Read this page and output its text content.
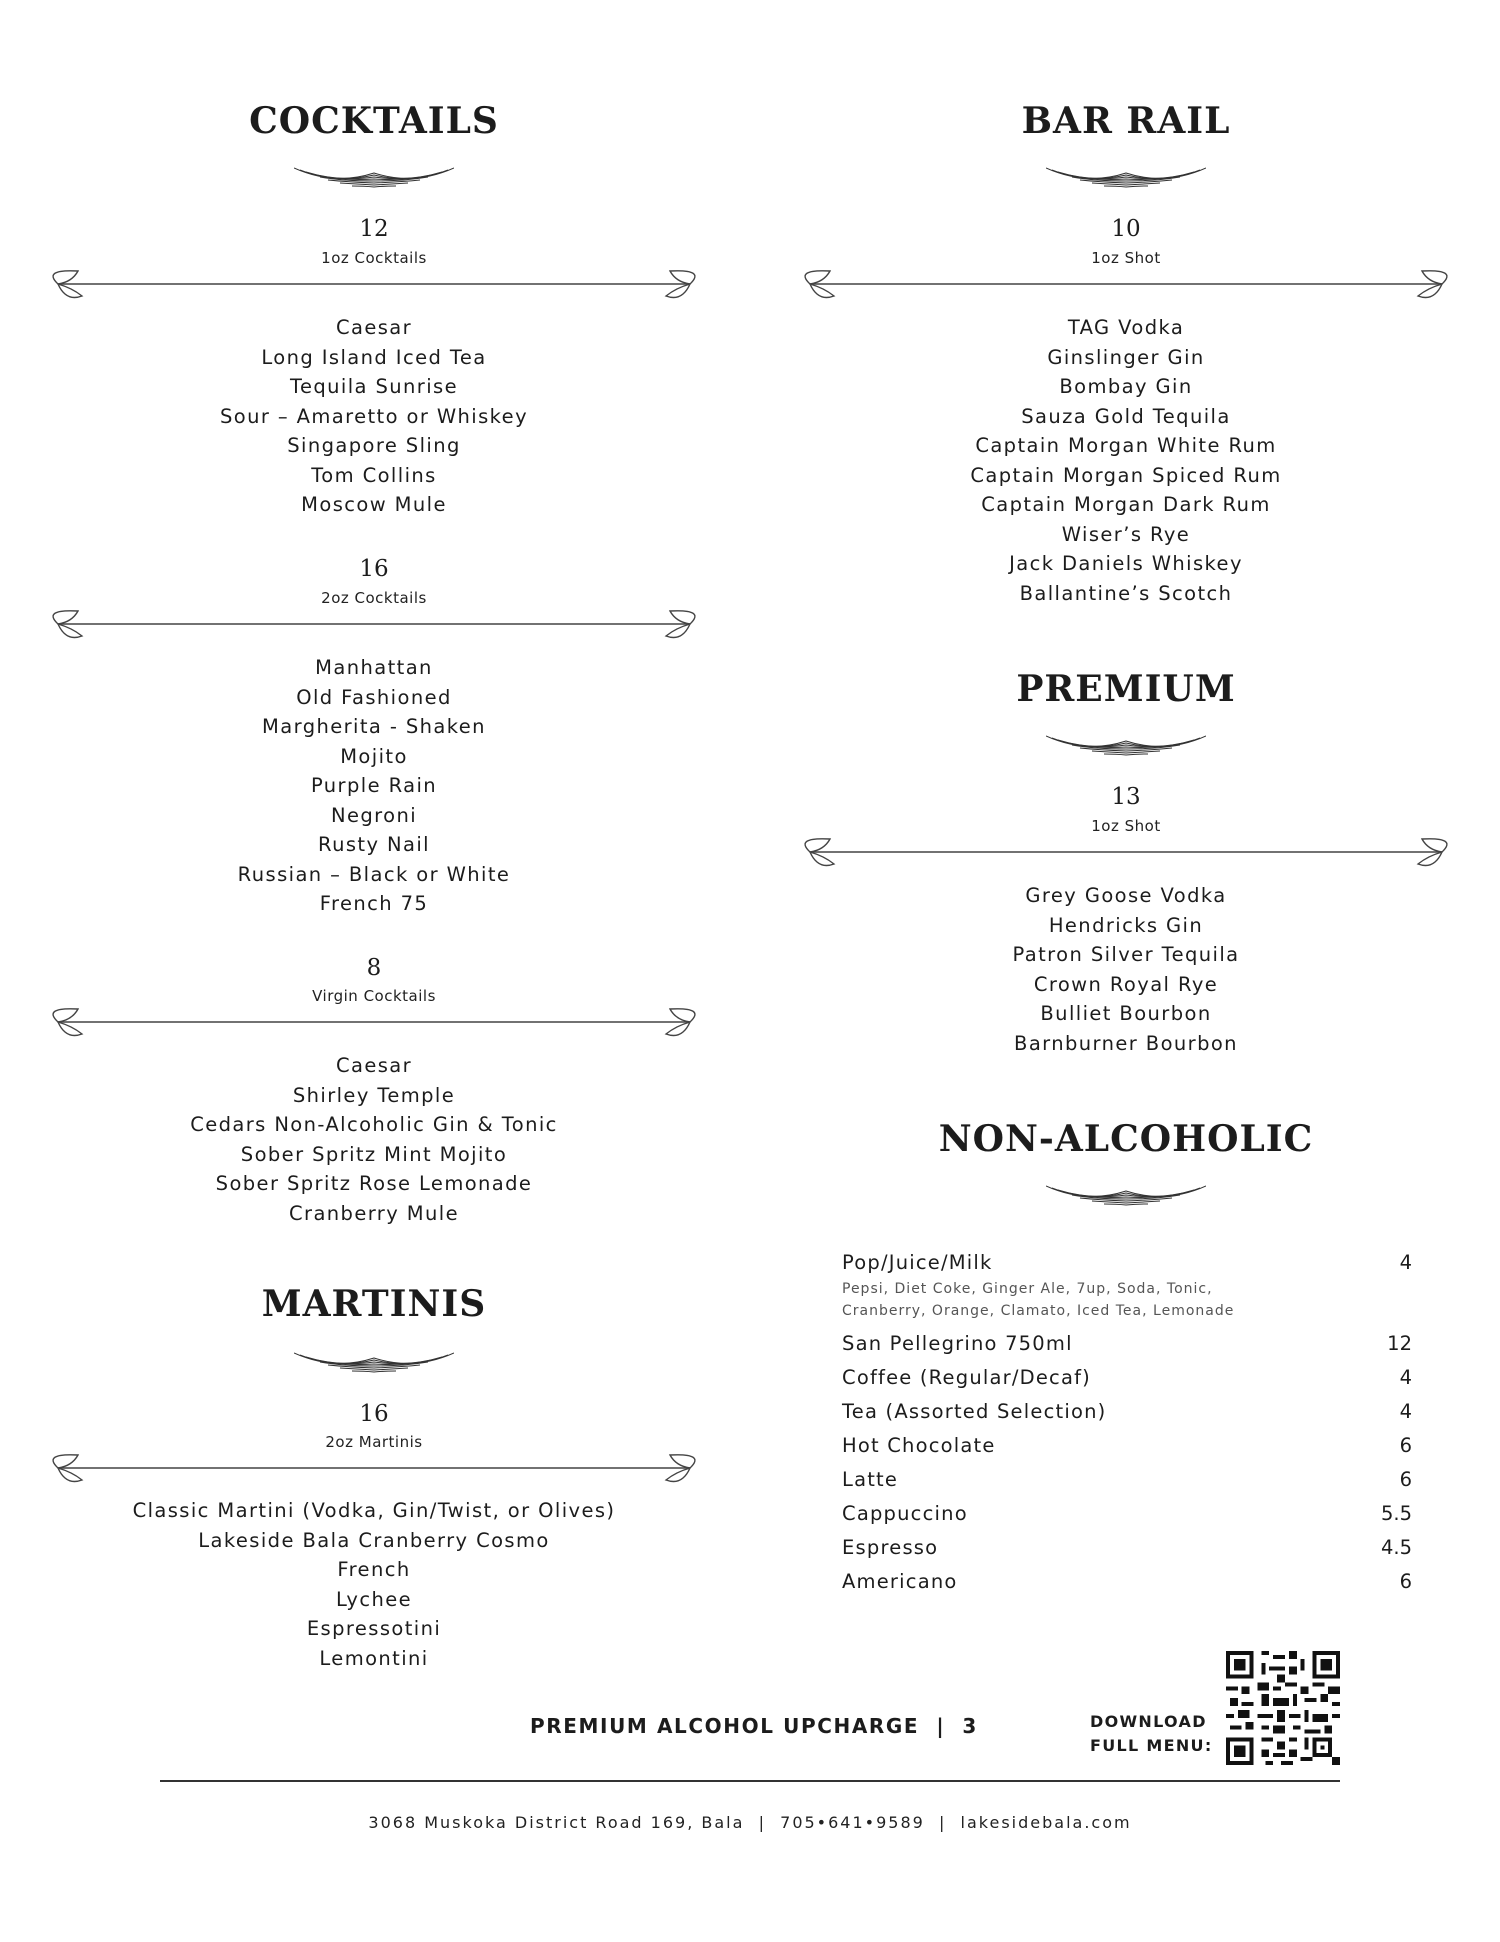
COCKTAILS
12
1oz Cocktails
Caesar
Long Island Iced Tea
Tequila Sunrise
Sour – Amaretto or Whiskey
Singapore Sling
Tom Collins
Moscow Mule
16
2oz Cocktails
Manhattan
Old Fashioned
Margherita - Shaken
Mojito
Purple Rain
Negroni
Rusty Nail
Russian – Black or White
French 75
8
Virgin Cocktails
Caesar
Shirley Temple
Cedars Non-Alcoholic Gin & Tonic
Sober Spritz Mint Mojito
Sober Spritz Rose Lemonade
Cranberry Mule
MARTINIS
16
2oz Martinis
Classic Martini (Vodka, Gin/Twist, or Olives)
Lakeside Bala Cranberry Cosmo
French
Lychee
Espressotini
Lemontini
BAR RAIL
10
1oz Shot
TAG Vodka
Ginslinger Gin
Bombay Gin
Sauza Gold Tequila
Captain Morgan White Rum
Captain Morgan Spiced Rum
Captain Morgan Dark Rum
Wiser’s Rye
Jack Daniels Whiskey
Ballantine’s Scotch
PREMIUM
13
1oz Shot
Grey Goose Vodka
Hendricks Gin
Patron Silver Tequila
Crown Royal Rye
Bulliet Bourbon
Barnburner Bourbon
NON-ALCOHOLIC
Pop/Juice/Milk	4
Pepsi, Diet Coke, Ginger Ale, 7up, Soda, Tonic,
Cranberry, Orange, Clamato, Iced Tea, Lemonade
San Pellegrino 750ml	12
Coffee (Regular/Decaf)	4
Tea (Assorted Selection)	4
Hot Chocolate	6
Latte	6
Cappuccino	5.5
Espresso	4.5
Americano	6
PREMIUM ALCOHOL UPCHARGE  |  3	DOWNLOAD
FULL MENU:
3068 Muskoka District Road 169, Bala  |  705•641•9589  |  lakesidebala.com
